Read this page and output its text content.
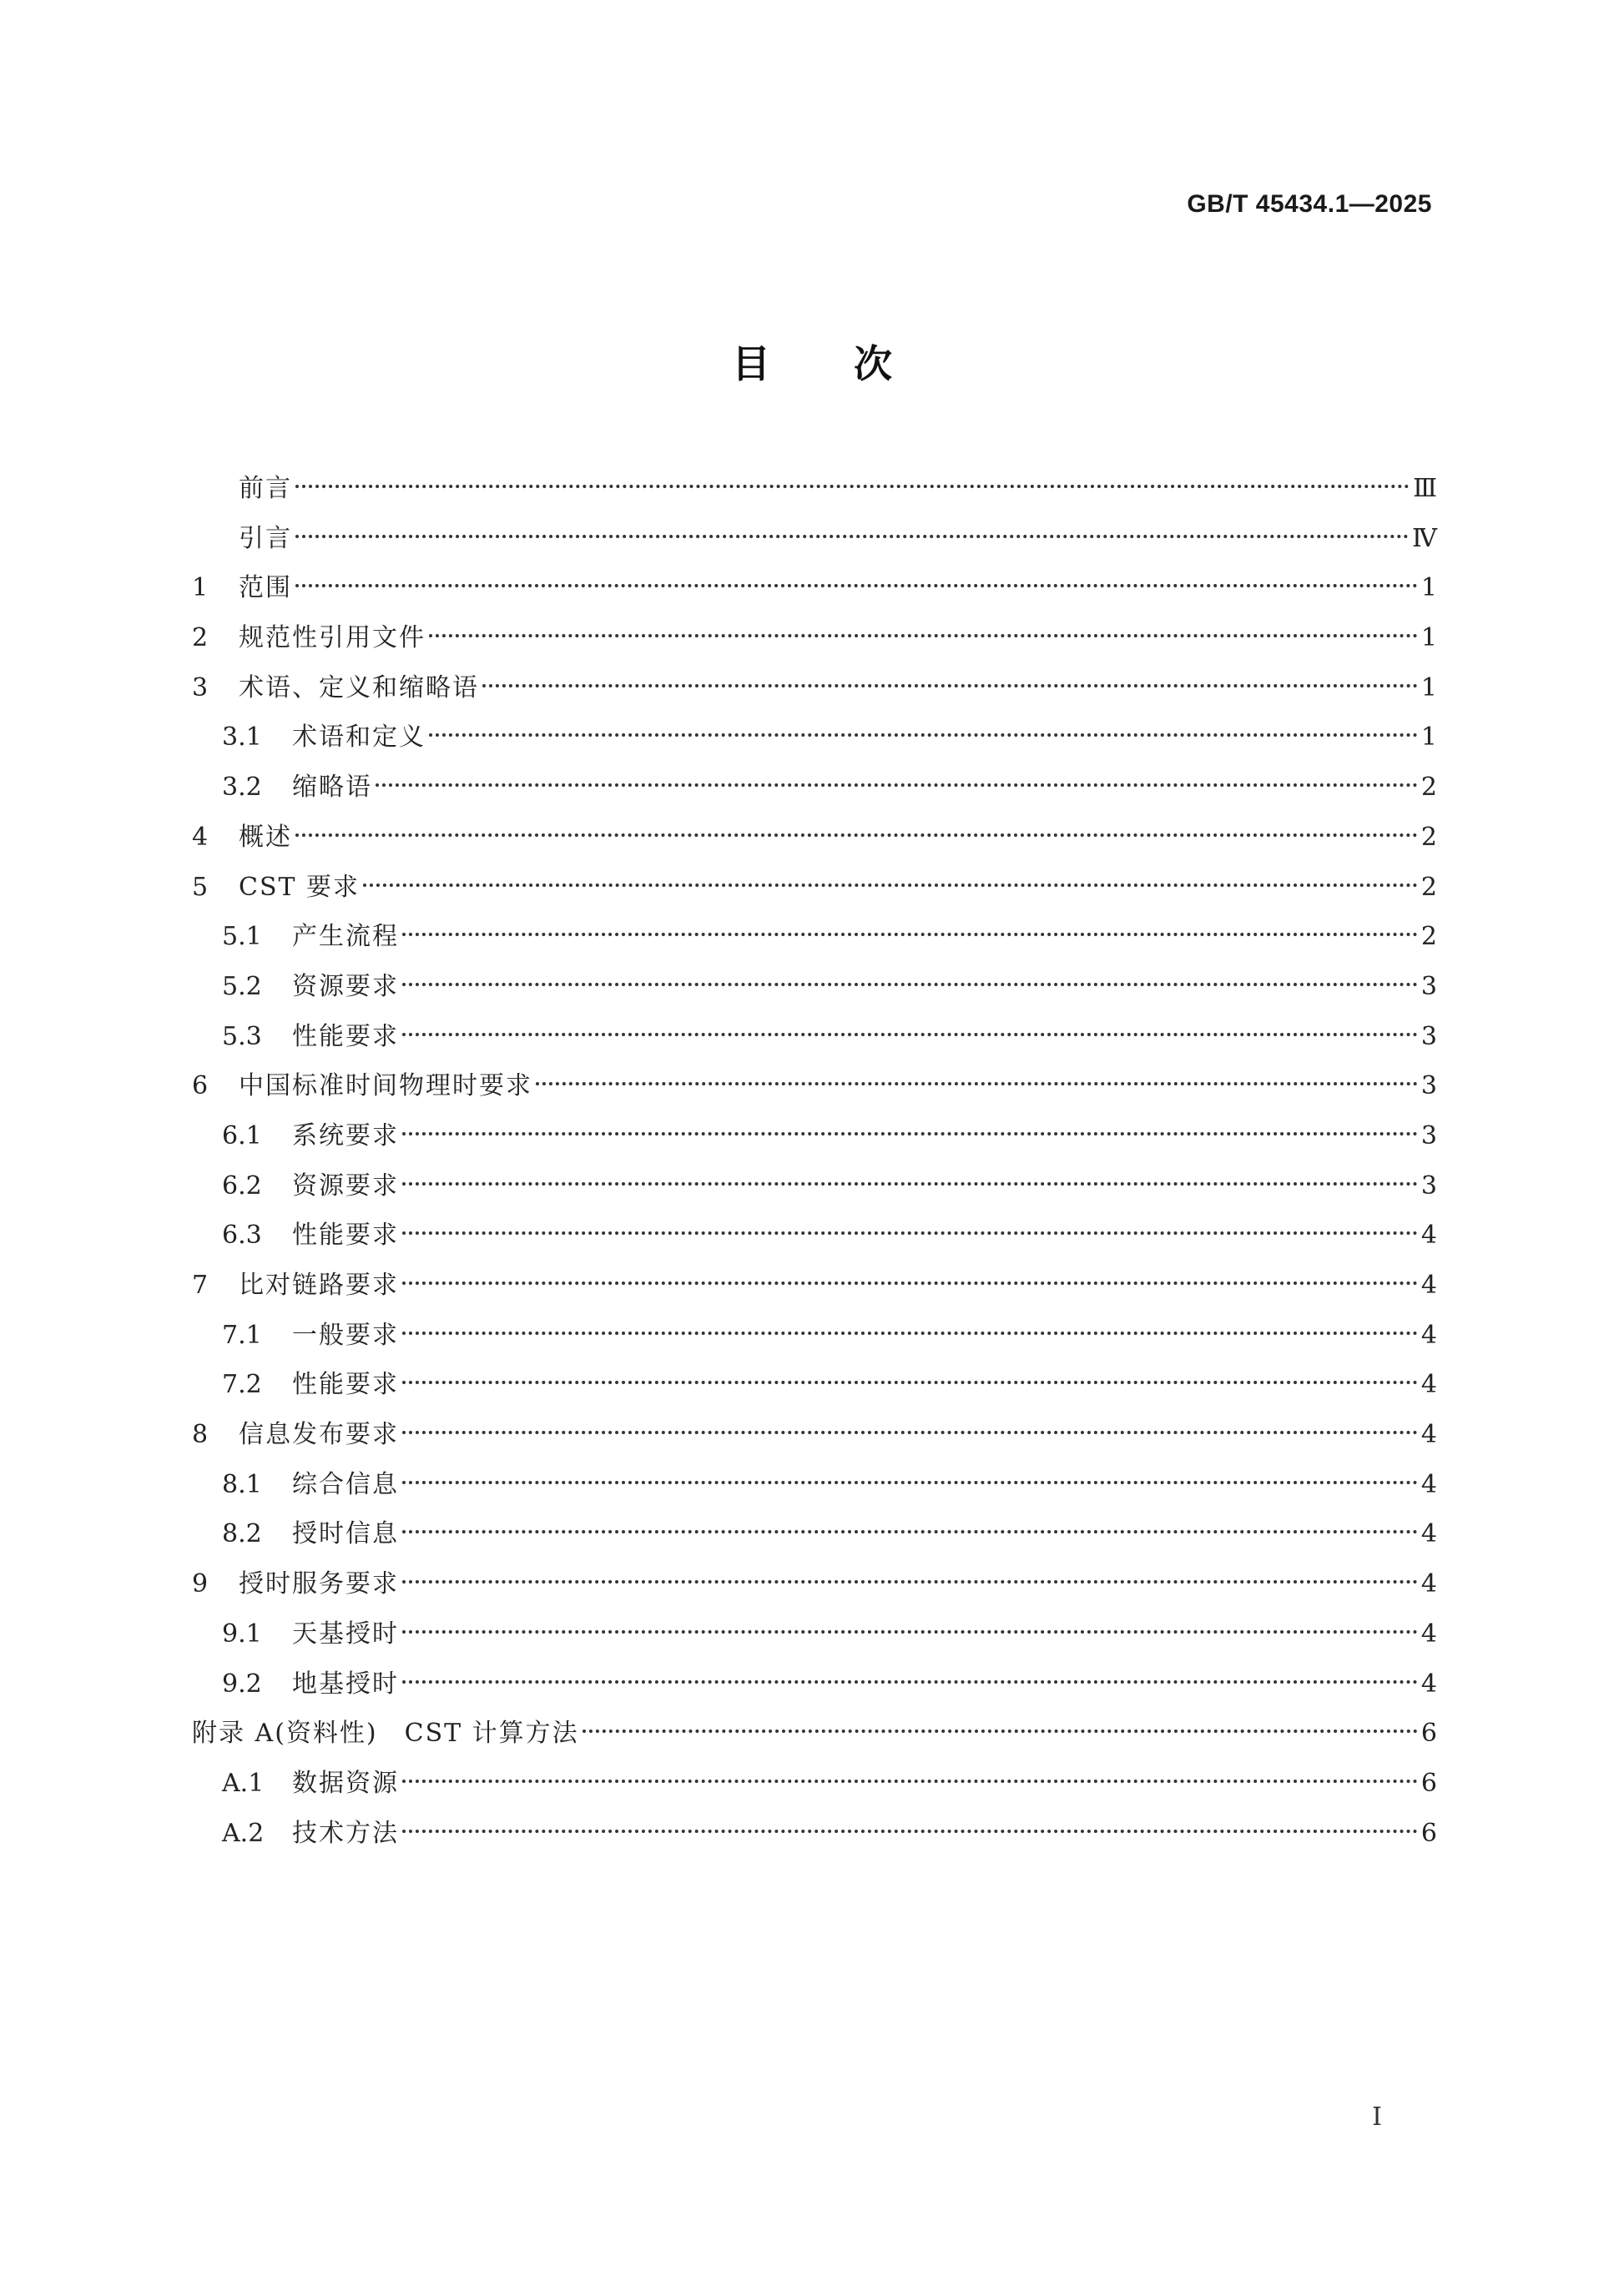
GB/T 45434.1—2025
目次
前言	Ⅲ
引言	Ⅳ
1	范围	1
2	规范性引用文件	1
3	术语、定义和缩略语	1
3.1	术语和定义	1
3.2	缩略语	2
4	概述	2
5	CST 要求	2
5.1	产生流程	2
5.2	资源要求	3
5.3	性能要求	3
6	中国标准时间物理时要求	3
6.1	系统要求	3
6.2	资源要求	3
6.3	性能要求	4
7	比对链路要求	4
7.1	一般要求	4
7.2	性能要求	4
8	信息发布要求	4
8.1	综合信息	4
8.2	授时信息	4
9	授时服务要求	4
9.1	天基授时	4
9.2	地基授时	4
附录 A(资料性)　CST 计算方法	6
A.1	数据资源	6
A.2	技术方法	6
Ⅰ
